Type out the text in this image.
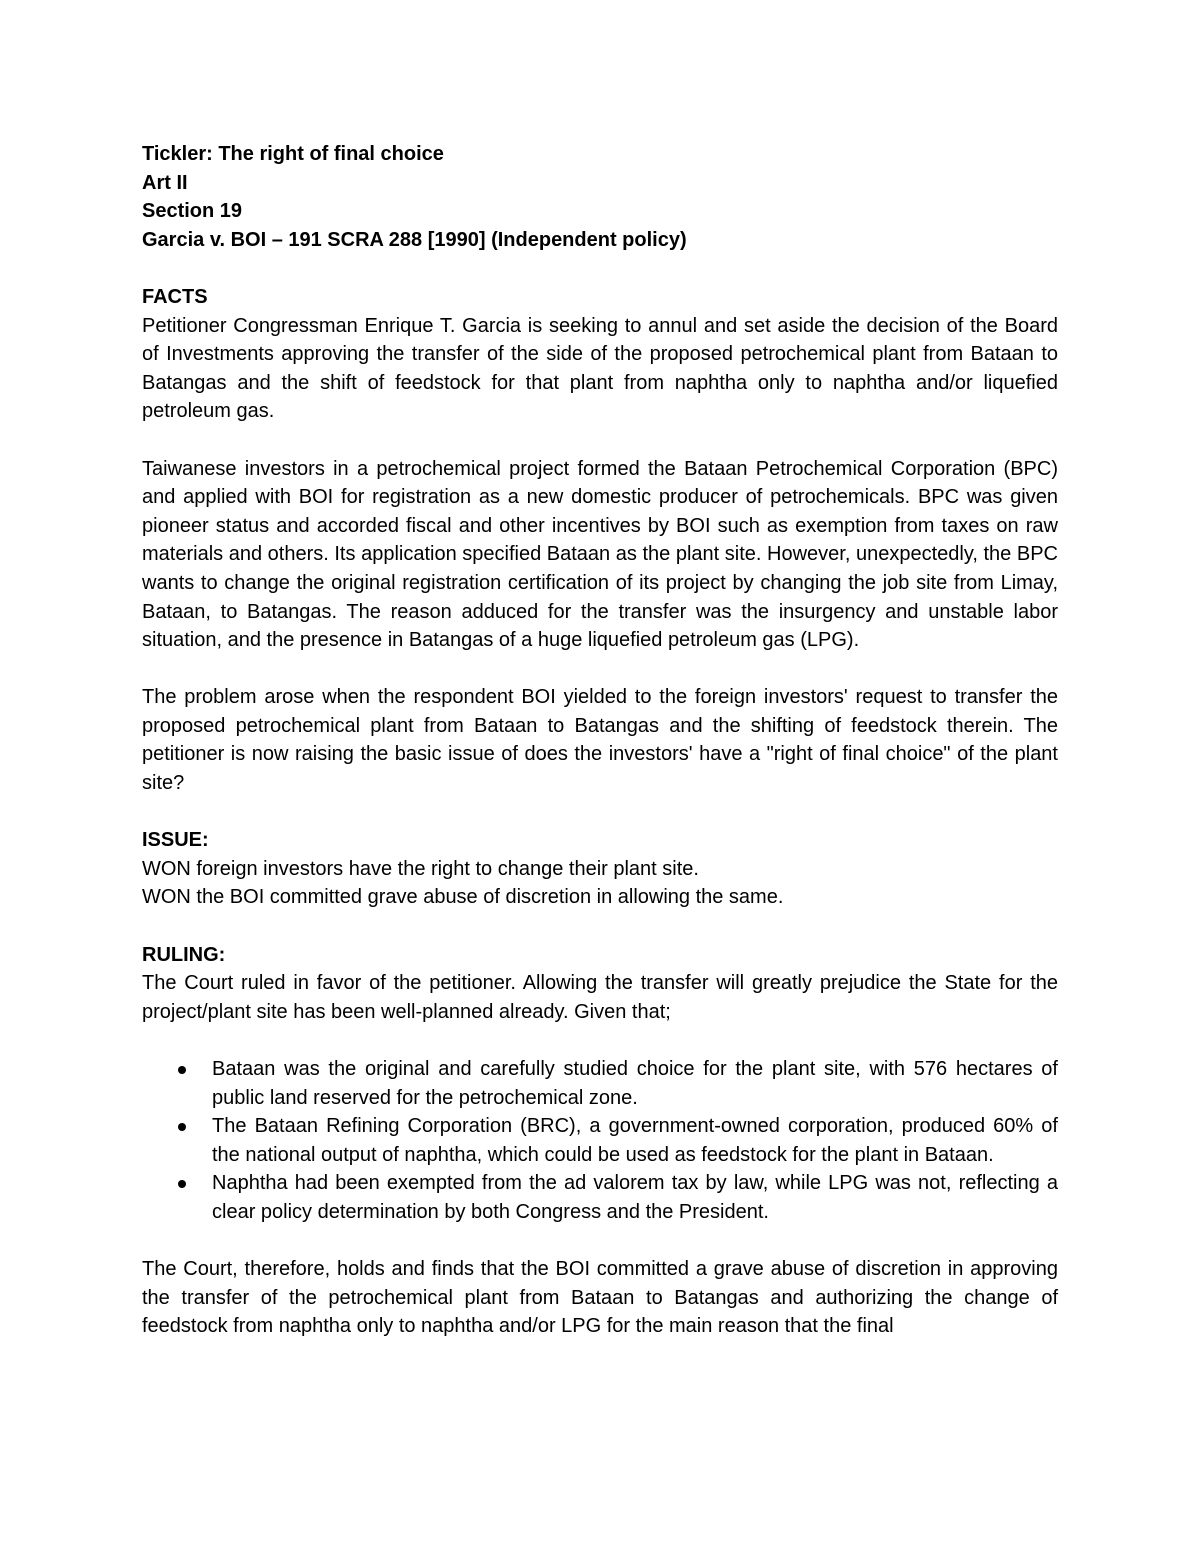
Tickler: The right of final choice
Art II
Section 19
Garcia v. BOI – 191 SCRA 288 [1990] (Independent policy)
FACTS

Petitioner Congressman Enrique T. Garcia is seeking to annul and set aside the decision of the Board of Investments approving the transfer of the side of the proposed petrochemical plant from Bataan to Batangas and the shift of feedstock for that plant from naphtha only to naphtha and/or liquefied petroleum gas.

Taiwanese investors in a petrochemical project formed the Bataan Petrochemical Corporation (BPC) and applied with BOI for registration as a new domestic producer of petrochemicals. BPC was given pioneer status and accorded fiscal and other incentives by BOI such as exemption from taxes on raw materials and others. Its application specified Bataan as the plant site. However, unexpectedly, the BPC wants to change the original registration certification of its project by changing the job site from Limay, Bataan, to Batangas. The reason adduced for the transfer was the insurgency and unstable labor situation, and the presence in Batangas of a huge liquefied petroleum gas (LPG).

The problem arose when the respondent BOI yielded to the foreign investors' request to transfer the proposed petrochemical plant from Bataan to Batangas and the shifting of feedstock therein. The petitioner is now raising the basic issue of does the investors' have a "right of final choice" of the plant site?

ISSUE:
WON foreign investors have the right to change their plant site.
WON the BOI committed grave abuse of discretion in allowing the same.
RULING:

The Court ruled in favor of the petitioner. Allowing the transfer will greatly prejudice the State for the project/plant site has been well-planned already. Given that;

Bataan was the original and carefully studied choice for the plant site, with 576 hectares of public land reserved for the petrochemical zone.
The Bataan Refining Corporation (BRC), a government-owned corporation, produced 60% of the national output of naphtha, which could be used as feedstock for the plant in Bataan.
Naphtha had been exempted from the ad valorem tax by law, while LPG was not, reflecting a clear policy determination by both Congress and the President.

The Court, therefore, holds and finds that the BOI committed a grave abuse of discretion in approving the transfer of the petrochemical plant from Bataan to Batangas and authorizing the change of feedstock from naphtha only to naphtha and/or LPG for the main reason that the final
